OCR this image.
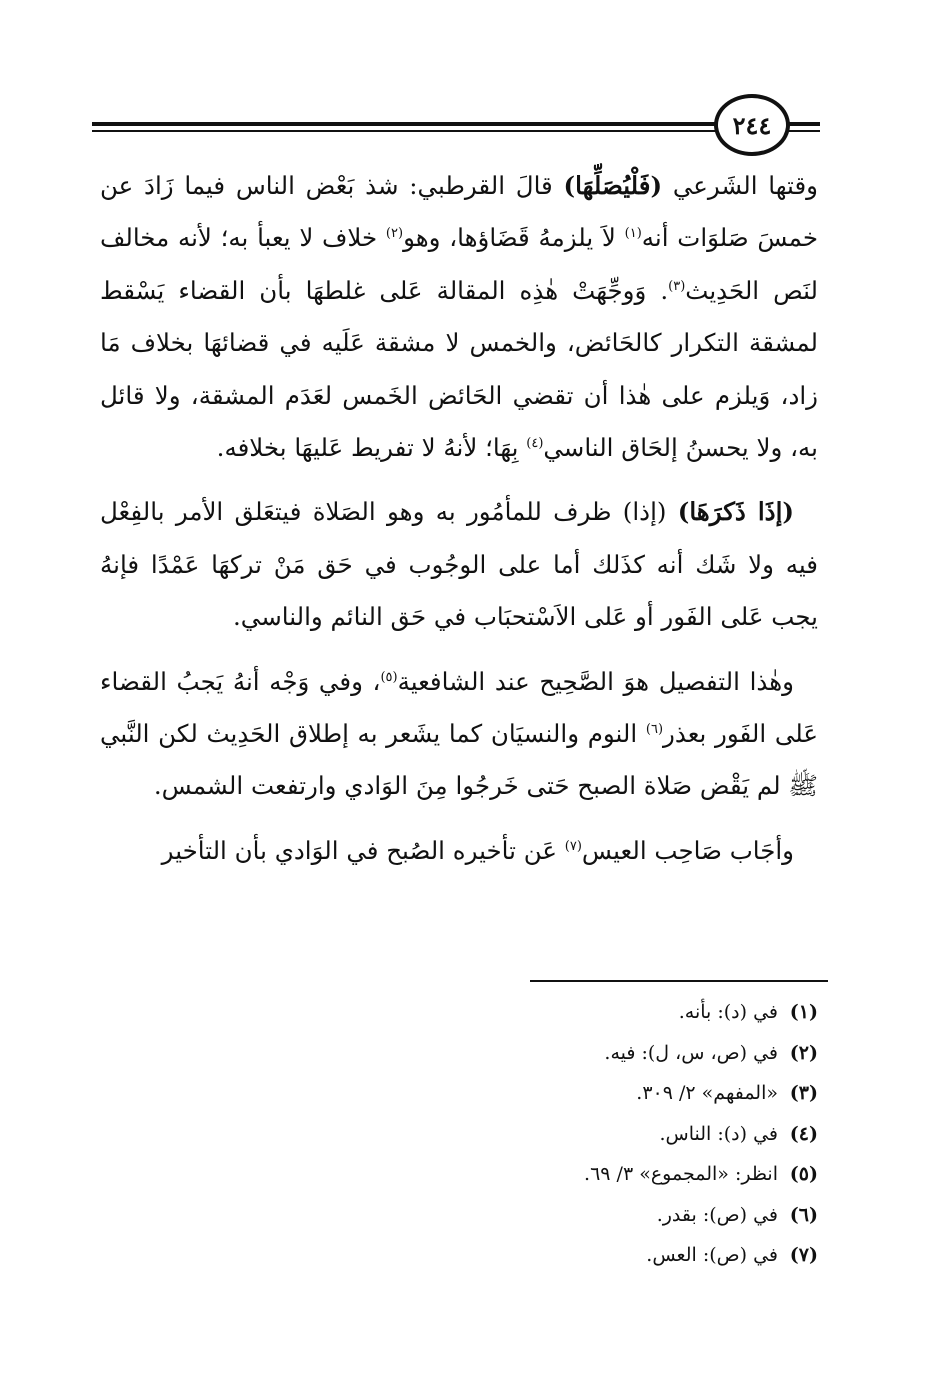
٢٤٤

وقتها الشَرعي (فَلْيُصَلِّهَا) قالَ القرطبي: شذ بَعْض الناس فيما زَادَ عن خمسَ صَلوَات أنه$^{(١)}$ لاَ يلزمهُ قَضَاؤها، وهو$^{(٢)}$ خلاف لا يعبأ به؛ لأنه مخالف لنَص الحَدِيث$^{(٣)}$. وَوجِّهَتْ هٰذِه المقالة عَلى غلطهَا بأن القضاء يَسْقط لمشقة التكرار كالحَائض، والخمس لا مشقة عَلَيه في قضائهَا بخلاف مَا زاد، وَيلزم على هٰذا أن تقضي الحَائض الخَمس لعَدَم المشقة، ولا قائل به، ولا يحسنُ إلحَاق الناسي$^{(٤)}$ بِهَا؛ لأنهُ لا تفريط عَليهَا بخلافه.

(إذَا ذَكرَهَا) (إذا) ظرف للمأمُور به وهو الصَلاة فيتعَلق الأمر بالفِعْل فيه ولا شَك أنه كذَلك أما على الوجُوب في حَق مَنْ تركهَا عَمْدًا فإنهُ يجب عَلى الفَور أو عَلى الاَسْتحبَاب في حَق النائم والناسي.

وهٰذا التفصيل هوَ الصَّحِيح عند الشافعية$^{(٥)}$، وفي وَجْه أنهُ يَجبُ القضاء عَلى الفَور بعذر$^{(٦)}$ النوم والنسيَان كما يشَعر به إطلاق الحَدِيث لكن النَّبي ﷺ لم يَقْض صَلاة الصبح حَتى خَرجُوا مِنَ الوَادي وارتفعت الشمس.

وأجَاب صَاحِب العيس$^{(٧)}$ عَن تأخيره الصُبح في الوَادي بأن التأخير

(١)في (د): بأنه.
(٢)في (ص، س، ل): فيه.
(٣)«المفهم» ٢/ ٣٠٩.
(٤)في (د): الناس.
(٥)انظر: «المجموع» ٣/ ٦٩.
(٦)في (ص): بقدر.
(٧)في (ص): العس.
